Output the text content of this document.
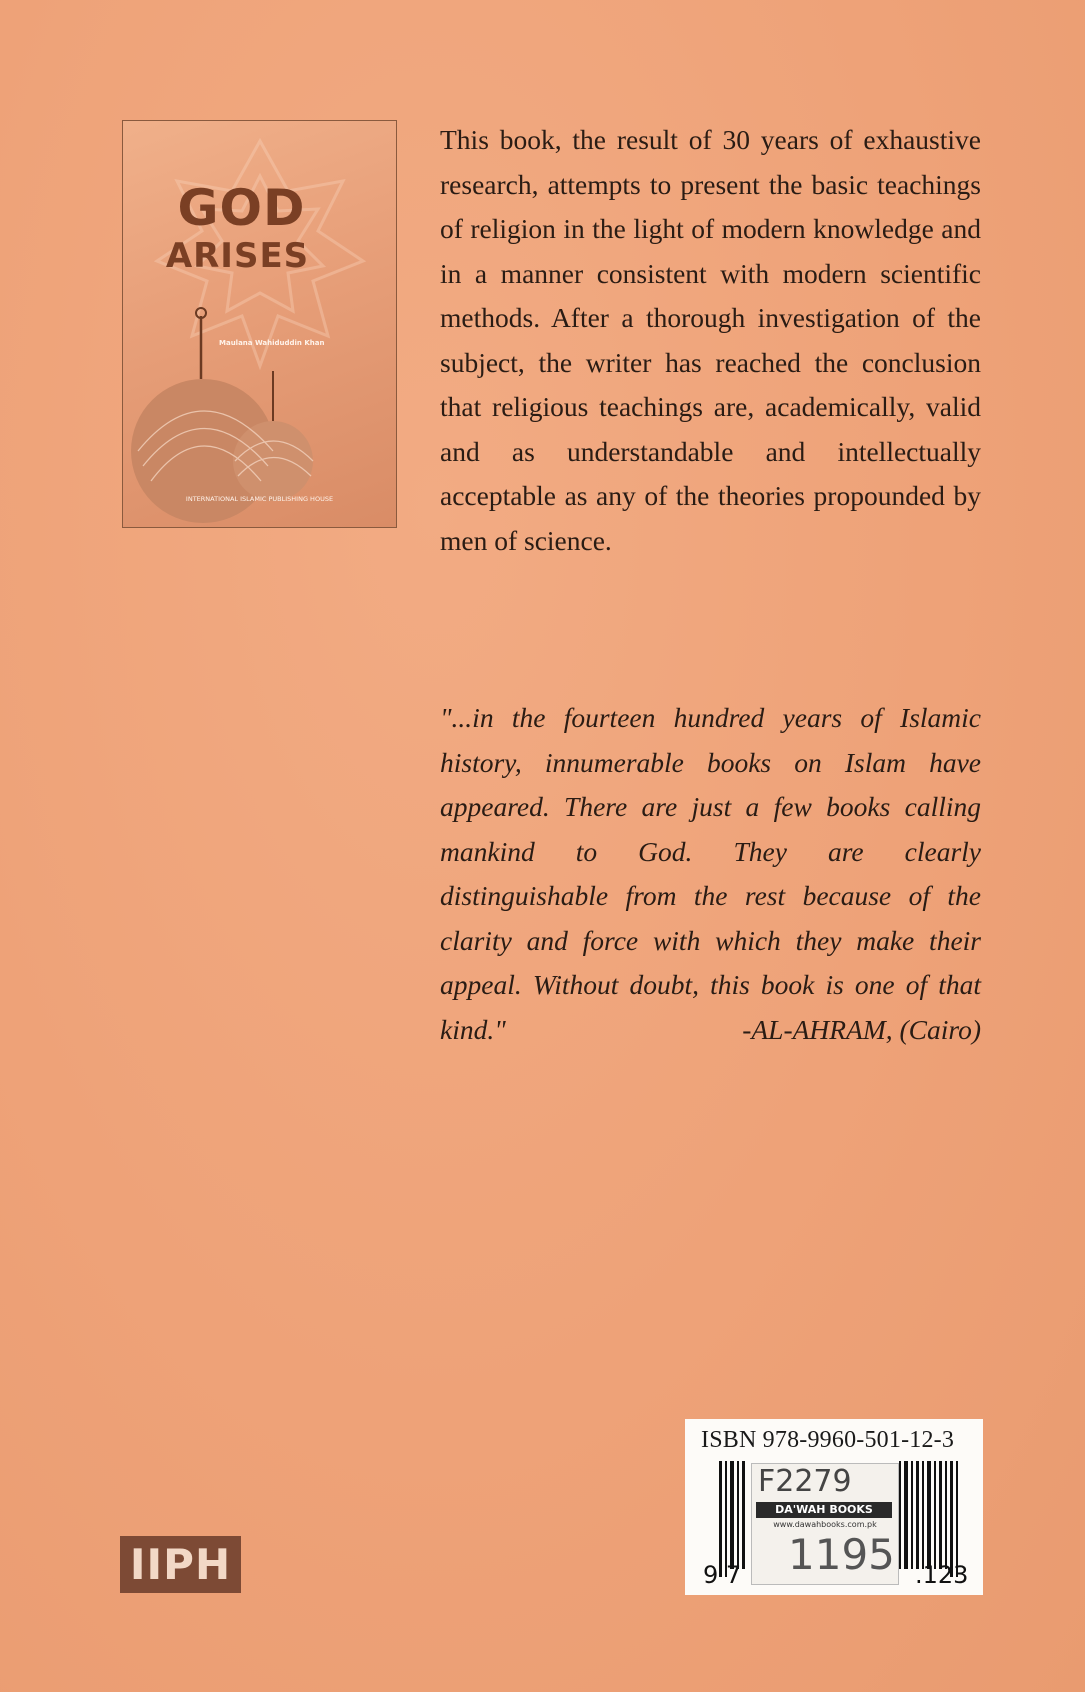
GOD
ARISES
Maulana Wahiduddin Khan
INTERNATIONAL ISLAMIC PUBLISHING HOUSE

This book, the result of 30 years of exhaustive research, attempts to present the basic teachings of religion in the light of modern knowledge and in a manner consistent with modern scientific methods. After a thorough investigation of the subject, the writer has reached the conclusion that religious teachings are, academically, valid and as understandable and intellectually acceptable as any of the theories propounded by men of science.

"...in the fourteen hundred years of Islamic history, innumerable books on Islam have appeared. There are just a few books calling mankind to God. They are clearly distinguishable from the rest because of the clarity and force with which they make their appeal. Without doubt, this book is one of that kind."	-AL-AHRAM, (Cairo)
IIPH
ISBN 978-9960-501-12-3
F2279
DA'WAH BOOKS
www.dawahbooks.com.pk
1195
9 7	.123
